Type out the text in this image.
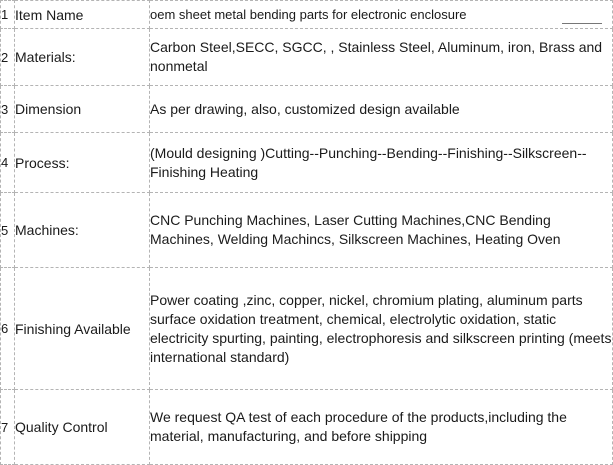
1	Item Name	oem sheet metal bending parts for electronic enclosure

2	Materials:	Carbon Steel,SECC, SGCC, , Stainless Steel, Aluminum, iron, Brass and nonmetal
3	Dimension	As per drawing, also, customized design available
4	Process:	(Mould designing )Cutting--Punching--Bending--Finishing--Silkscreen--Finishing Heating
5	Machines:	CNC Punching Machines, Laser Cutting Machines,CNC Bending Machines, Welding Machincs, Silkscreen Machines, Heating Oven
6	Finishing Available	Power coating ,zinc, copper, nickel, chromium plating, aluminum parts surface oxidation treatment, chemical, electrolytic oxidation, static electricity spurting, painting, electrophoresis and silkscreen printing (meets international standard)
7	Quality Control	We request QA test of each procedure of the products,including the material, manufacturing, and before shipping
